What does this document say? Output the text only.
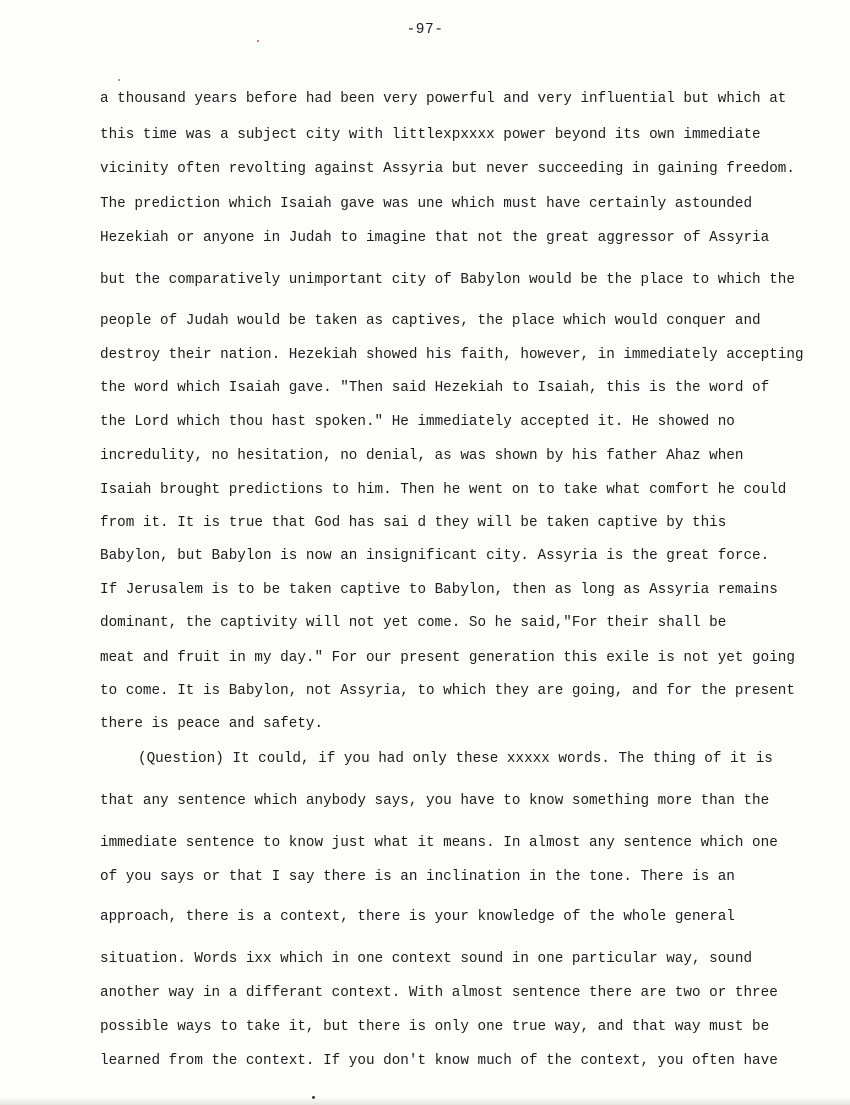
-97-
a thousand years before had been very powerful and very influential but which at
this time was a subject city with littlexpxxxx power beyond its own immediate
vicinity often revolting against Assyria but never succeeding in gaining freedom.
The prediction which Isaiah gave was une which must have certainly astounded
Hezekiah or anyone in Judah to imagine that not the great aggressor of Assyria
but the comparatively unimportant city of Babylon would be the place to which the
people of Judah would be taken as captives, the place which would conquer and
destroy their nation. Hezekiah showed his faith, however, in immediately accepting
the word which Isaiah gave. "Then said Hezekiah to Isaiah, this is the word of
the Lord which thou hast spoken." He immediately accepted it. He showed no
incredulity, no hesitation, no denial, as was shown by his father Ahaz when
Isaiah brought predictions to him. Then he went on to take what comfort he could
from it. It is true that God has sai d they will be taken captive by this
Babylon, but Babylon is now an insignificant city. Assyria is the great force.
If Jerusalem is to be taken captive to Babylon, then as long as Assyria remains
dominant, the captivity will not yet come. So he said,"For their shall be
meat and fruit in my day." For our present generation this exile is not yet going
to come. It is Babylon, not Assyria, to which they are going, and for the present
there is peace and safety.
(Question) It could, if you had only these xxxxx words. The thing of it is
that any sentence which anybody says, you have to know something more than the
immediate sentence to know just what it means. In almost any sentence which one
of you says or that I say there is an inclination in the tone. There is an
approach, there is a context, there is your knowledge of the whole general
situation. Words ixx which in one context sound in one particular way, sound
another way in a differant context. With almost sentence there are two or three
possible ways to take it, but there is only one true way, and that way must be
learned from the context. If you don't know much of the context, you often have
